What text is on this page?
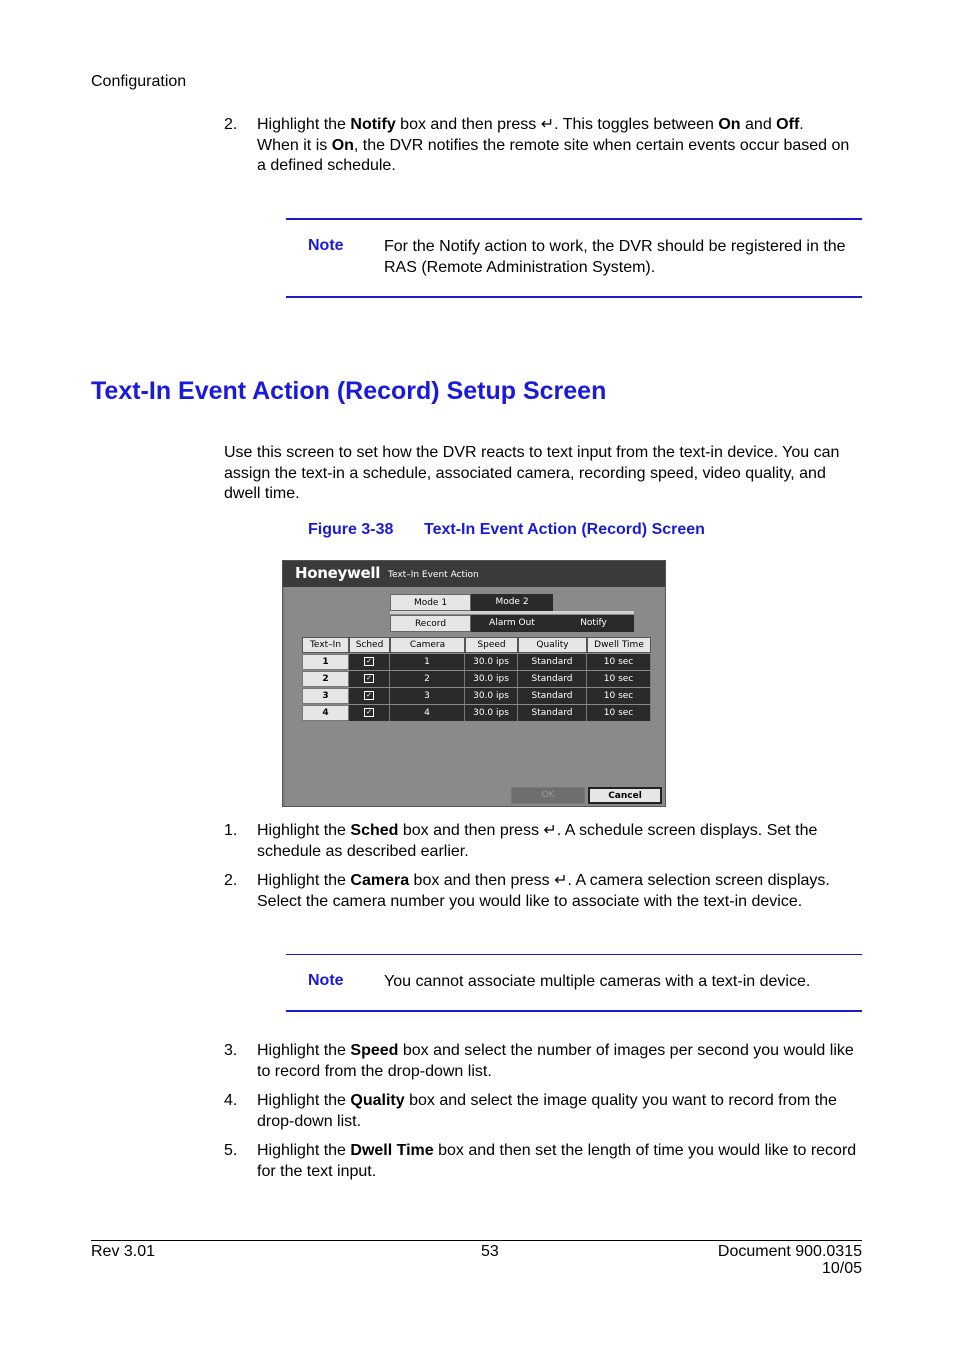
Configuration
2. Highlight the Notify box and then press ↵. This toggles between On and Off.
When it is On, the DVR notifies the remote site when certain events occur based on a defined schedule.
Note	For the Notify action to work, the DVR should be registered in the RAS (Remote Administration System).
Text-In Event Action (Record) Setup Screen
Use this screen to set how the DVR reacts to text input from the text-in device. You can assign the text-in a schedule, associated camera, recording speed, video quality, and dwell time.
Figure 3-38 Text-In Event Action (Record) Screen
Honeywell Text–In Event Action
Mode 1	Mode 2
Record	Alarm Out	Notify
Text–In	Sched	Camera	Speed	Quality	Dwell Time
1	✓	1	30.0 ips	Standard	10 sec
2	✓	2	30.0 ips	Standard	10 sec
3	✓	3	30.0 ips	Standard	10 sec
4	✓	4	30.0 ips	Standard	10 sec
OK	Cancel
1. Highlight the Sched box and then press ↵. A schedule screen displays. Set the schedule as described earlier.
2. Highlight the Camera box and then press ↵. A camera selection screen displays. Select the camera number you would like to associate with the text-in device.
Note	You cannot associate multiple cameras with a text-in device.
3. Highlight the Speed box and select the number of images per second you would like to record from the drop-down list.
4. Highlight the Quality box and select the image quality you want to record from the drop-down list.
5. Highlight the Dwell Time box and then set the length of time you would like to record for the text input.
Rev 3.01	53	Document 900.0315
10/05
